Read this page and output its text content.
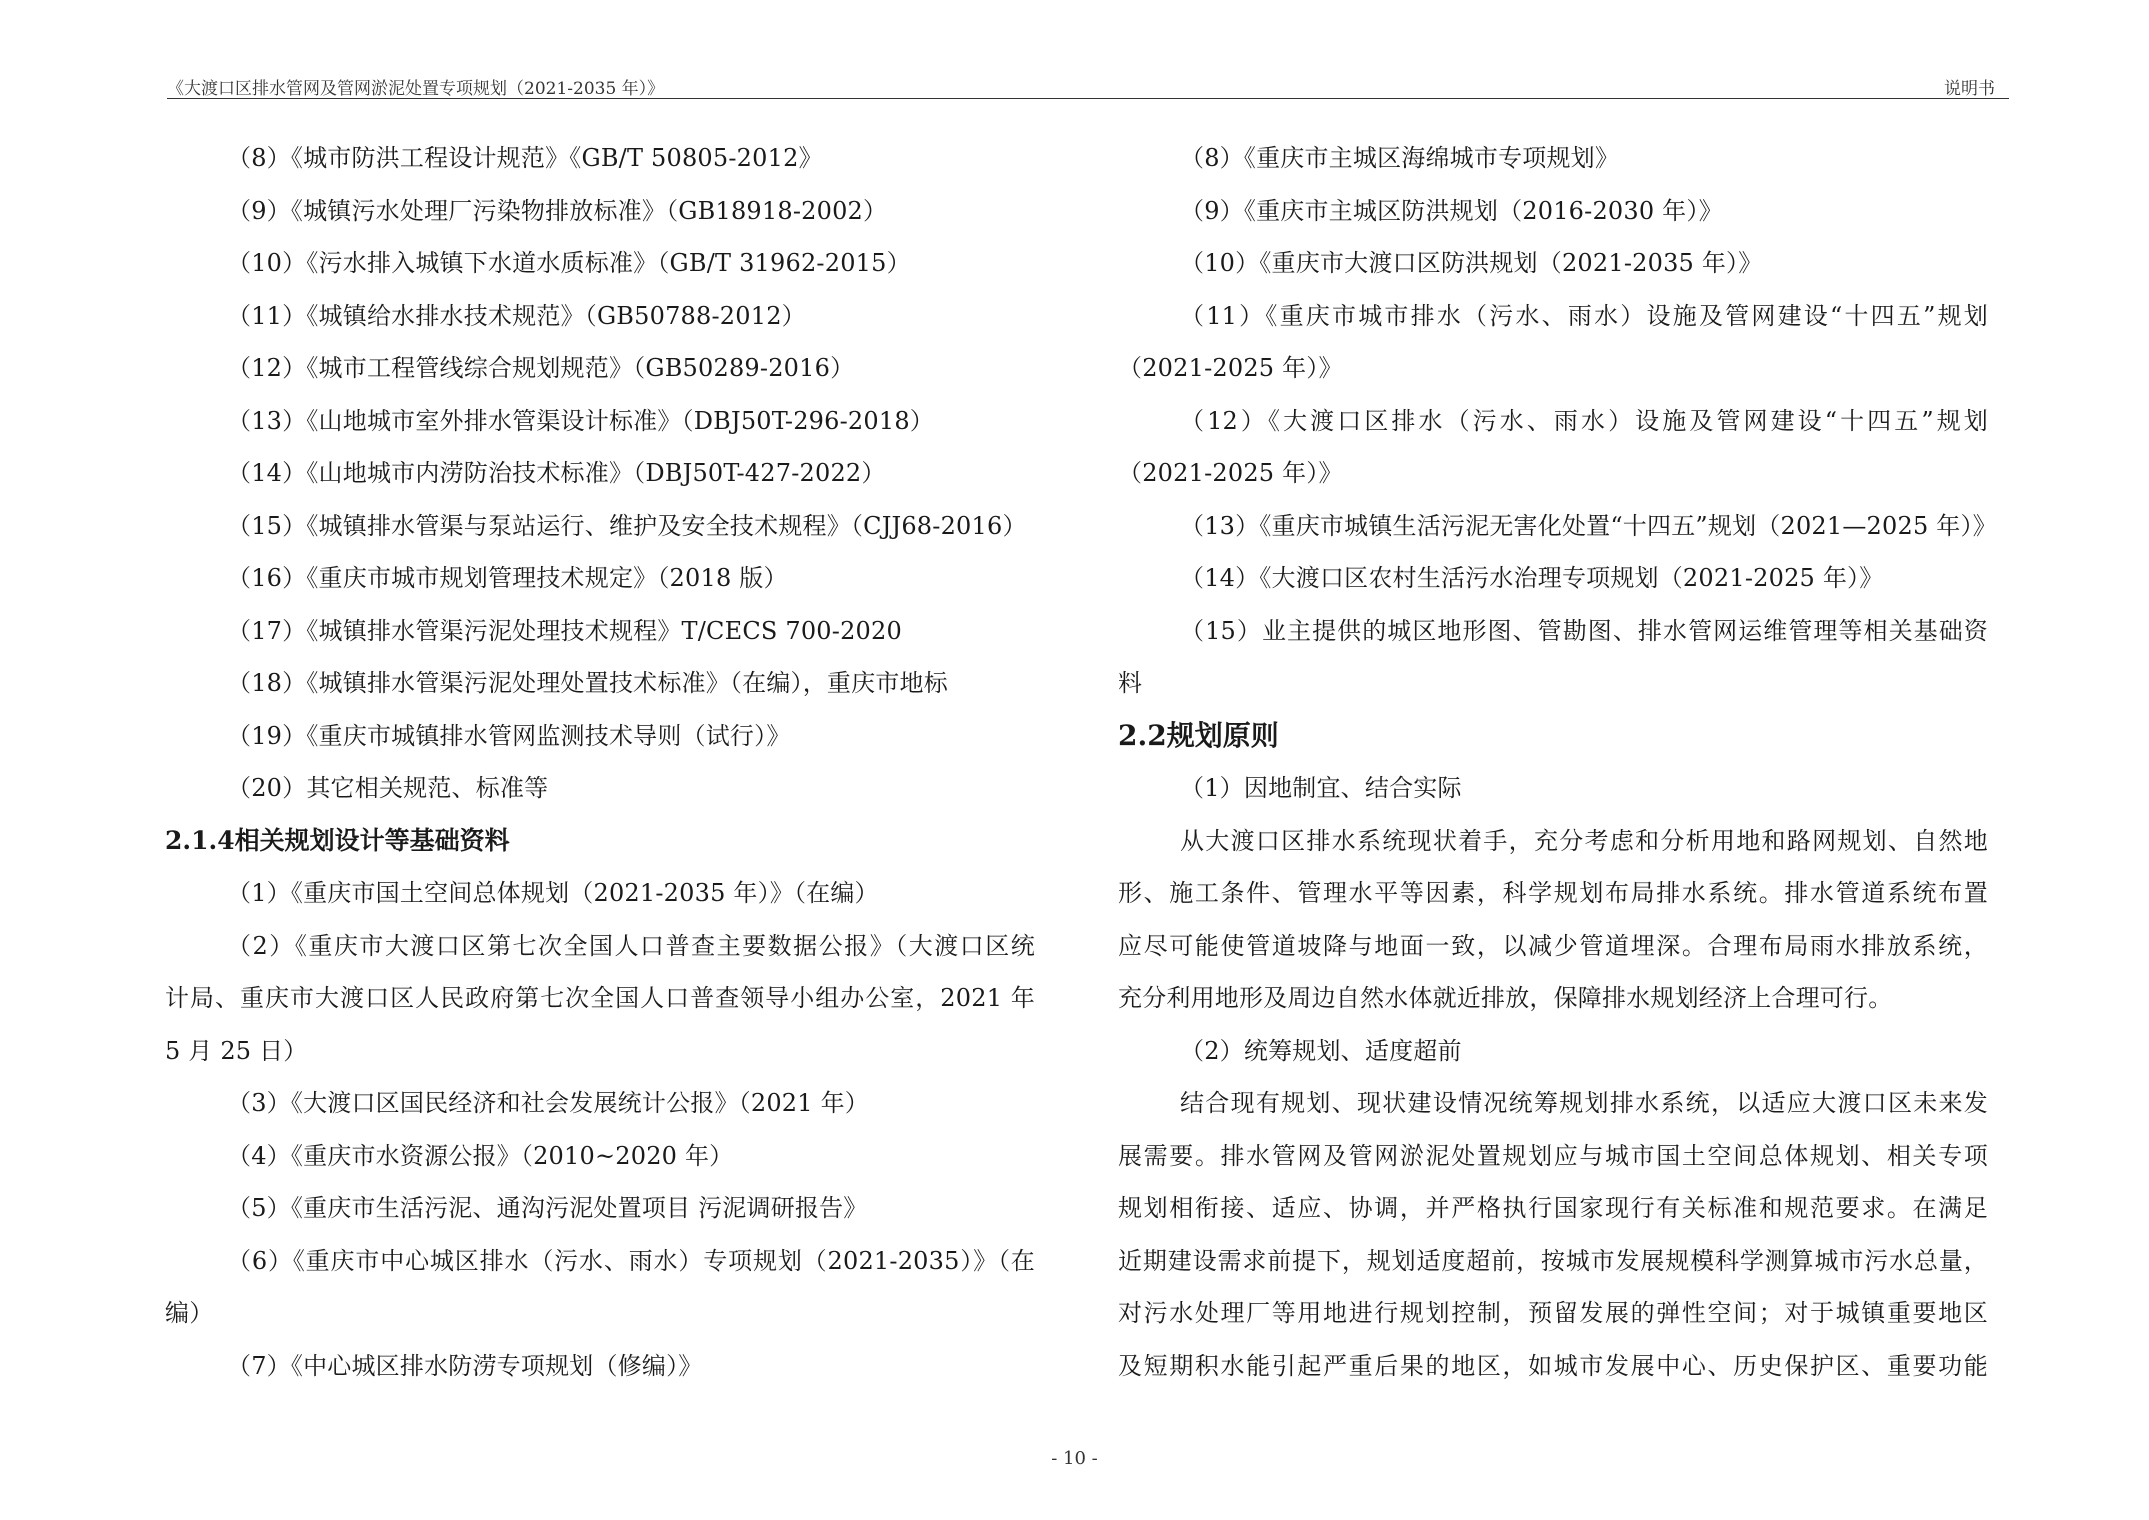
《大渡口区排水管网及管网淤泥处置专项规划（2021-2035 年）》	说明书
（8）《城市防洪工程设计规范》《GB/T 50805-2012》
（9）《城镇污水处理厂污染物排放标准》（GB18918-2002）
（10）《污水排入城镇下水道水质标准》（GB/T 31962-2015）
（11）《城镇给水排水技术规范》（GB50788-2012）
（12）《城市工程管线综合规划规范》（GB50289-2016）
（13）《山地城市室外排水管渠设计标准》（DBJ50T-296-2018）
（14）《山地城市内涝防治技术标准》（DBJ50T-427-2022）
（15）《城镇排水管渠与泵站运行、维护及安全技术规程》（CJJ68-2016）
（16）《重庆市城市规划管理技术规定》（2018 版）
（17）《城镇排水管渠污泥处理技术规程》T/CECS 700-2020
（18）《城镇排水管渠污泥处理处置技术标准》（在编），重庆市地标
（19）《重庆市城镇排水管网监测技术导则（试行）》
（20）其它相关规范、标准等
2.1.4相关规划设计等基础资料
（1）《重庆市国土空间总体规划（2021-2035 年）》（在编）
（2）《重庆市大渡口区第七次全国人口普查主要数据公报》（大渡口区统
计局、重庆市大渡口区人民政府第七次全国人口普查领导小组办公室，2021 年
5 月 25 日）
（3）《大渡口区国民经济和社会发展统计公报》（2021 年）
（4）《重庆市水资源公报》（2010~2020 年）
（5）《重庆市生活污泥、通沟污泥处置项目 污泥调研报告》
（6）《重庆市中心城区排水（污水、雨水）专项规划（2021-2035）》（在
编）
（7）《中心城区排水防涝专项规划（修编）》
（8）《重庆市主城区海绵城市专项规划》
（9）《重庆市主城区防洪规划（2016-2030 年）》
（10）《重庆市大渡口区防洪规划（2021-2035 年）》
（11）《重庆市城市排水（污水、雨水）设施及管网建设“十四五”规划
（2021-2025 年）》
（12）《大渡口区排水（污水、雨水）设施及管网建设“十四五”规划
（2021-2025 年）》
（13）《重庆市城镇生活污泥无害化处置“十四五”规划（2021—2025 年）》
（14）《大渡口区农村生活污水治理专项规划（2021-2025 年）》
（15）业主提供的城区地形图、管勘图、排水管网运维管理等相关基础资
料
2.2规划原则
（1）因地制宜、结合实际
从大渡口区排水系统现状着手，充分考虑和分析用地和路网规划、自然地
形、施工条件、管理水平等因素，科学规划布局排水系统。排水管道系统布置
应尽可能使管道坡降与地面一致，以减少管道埋深。合理布局雨水排放系统，
充分利用地形及周边自然水体就近排放，保障排水规划经济上合理可行。
（2）统筹规划、适度超前
结合现有规划、现状建设情况统筹规划排水系统，以适应大渡口区未来发
展需要。排水管网及管网淤泥处置规划应与城市国土空间总体规划、相关专项
规划相衔接、适应、协调，并严格执行国家现行有关标准和规范要求。在满足
近期建设需求前提下，规划适度超前，按城市发展规模科学测算城市污水总量，
对污水处理厂等用地进行规划控制，预留发展的弹性空间；对于城镇重要地区
及短期积水能引起严重后果的地区，如城市发展中心、历史保护区、重要功能
- 10 -
